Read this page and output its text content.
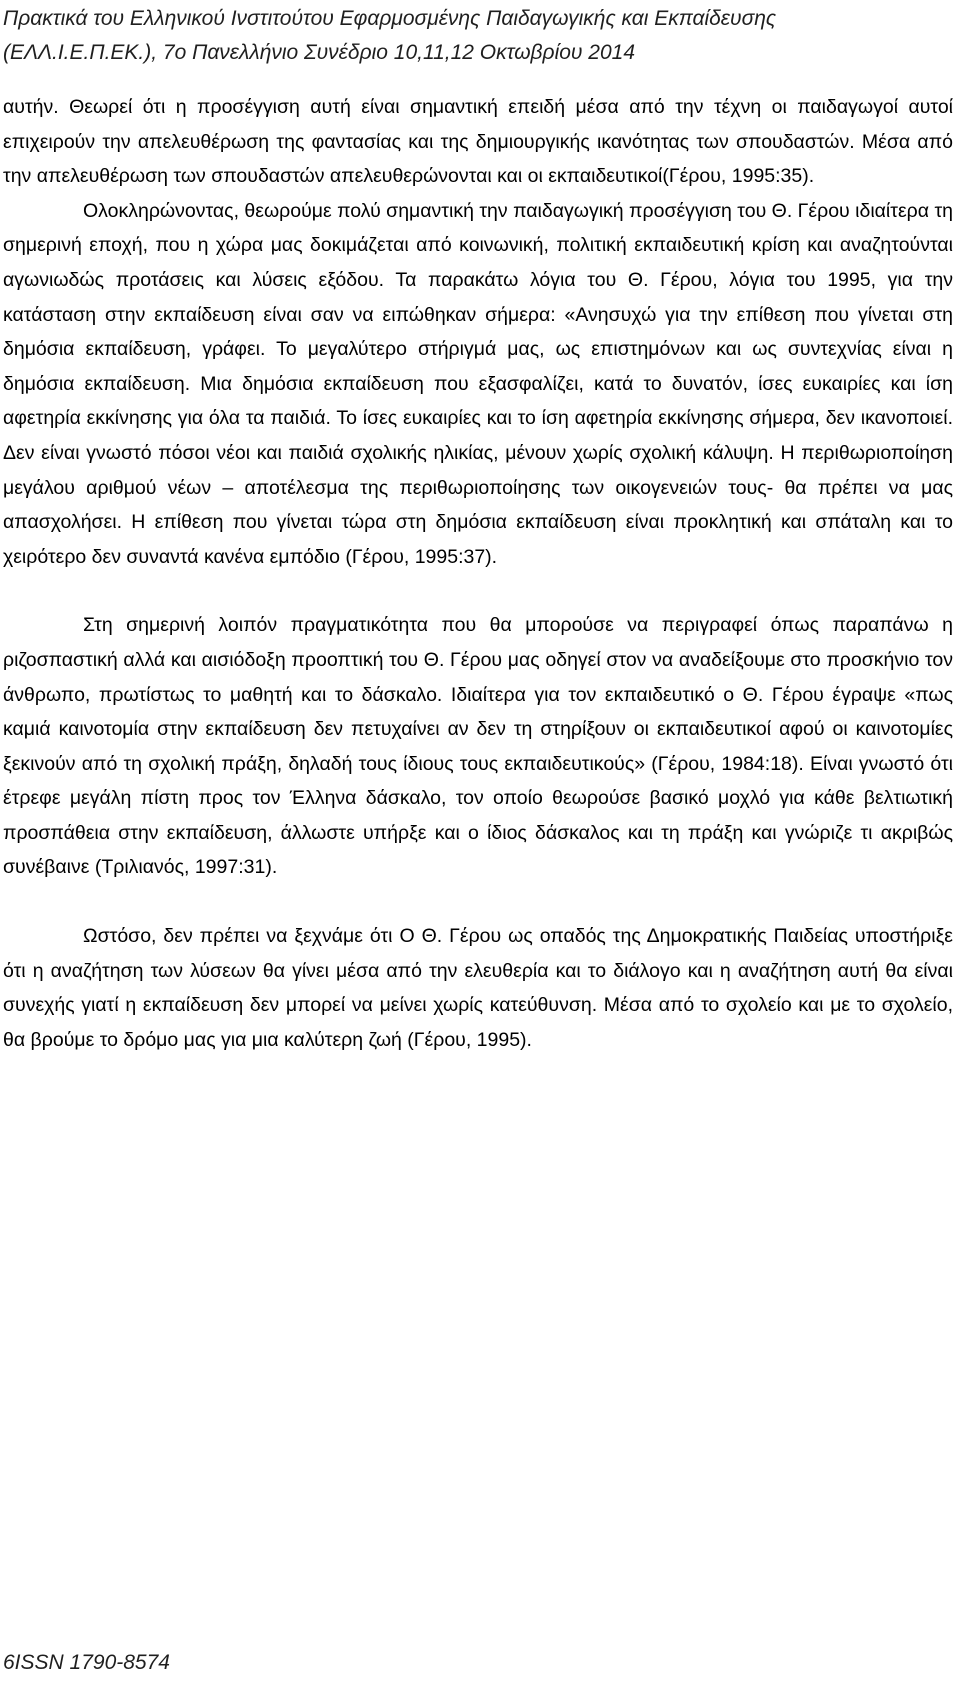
Πρακτικά του Ελληνικού Ινστιτούτου Εφαρμοσμένης Παιδαγωγικής και Εκπαίδευσης
(ΕΛΛ.Ι.Ε.Π.ΕΚ.), 7ο Πανελλήνιο Συνέδριο 10,11,12 Οκτωβρίου 2014

αυτήν. Θεωρεί ότι η προσέγγιση αυτή είναι σημαντική επειδή μέσα από την τέχνη οι παιδαγωγοί αυτοί επιχειρούν την απελευθέρωση της φαντασίας και της δημιουργικής ικανότητας των σπουδαστών. Μέσα από την απελευθέρωση των σπουδαστών απελευθερώνονται και οι εκπαιδευτικοί(Γέρου, 1995:35).

Ολοκληρώνοντας, θεωρούμε πολύ σημαντική την παιδαγωγική προσέγγιση του Θ. Γέρου ιδιαίτερα τη σημερινή εποχή, που η χώρα μας δοκιμάζεται από κοινωνική, πολιτική εκπαιδευτική κρίση και αναζητούνται αγωνιωδώς προτάσεις και λύσεις εξόδου. Τα παρακάτω λόγια του Θ. Γέρου, λόγια του 1995, για την κατάσταση στην εκπαίδευση είναι σαν να ειπώθηκαν σήμερα: «Ανησυχώ για την επίθεση που γίνεται στη δημόσια εκπαίδευση, γράφει. Το μεγαλύτερο στήριγμά μας, ως επιστημόνων και ως συντεχνίας είναι η δημόσια εκπαίδευση. Μια δημόσια εκπαίδευση που εξασφαλίζει, κατά το δυνατόν, ίσες ευκαιρίες και ίση αφετηρία εκκίνησης για όλα τα παιδιά. Το ίσες ευκαιρίες και το ίση αφετηρία εκκίνησης σήμερα, δεν ικανοποιεί. Δεν είναι γνωστό πόσοι νέοι και παιδιά σχολικής ηλικίας, μένουν χωρίς σχολική κάλυψη. Η περιθωριοποίηση μεγάλου αριθμού νέων – αποτέλεσμα της περιθωριοποίησης των οικογενειών τους- θα πρέπει να μας απασχολήσει. Η επίθεση που γίνεται τώρα στη δημόσια εκπαίδευση είναι προκλητική και σπάταλη και το χειρότερο δεν συναντά κανένα εμπόδιο (Γέρου, 1995:37).

Στη σημερινή λοιπόν πραγματικότητα που θα μπορούσε να περιγραφεί όπως παραπάνω η ριζοσπαστική αλλά και αισιόδοξη προοπτική του Θ. Γέρου μας οδηγεί στον να αναδείξουμε στο προσκήνιο τον άνθρωπο, πρωτίστως το μαθητή και το δάσκαλο. Ιδιαίτερα για τον εκπαιδευτικό ο Θ. Γέρου έγραψε «πως καμιά καινοτομία στην εκπαίδευση δεν πετυχαίνει αν δεν τη στηρίξουν οι εκπαιδευτικοί αφού οι καινοτομίες ξεκινούν από τη σχολική πράξη, δηλαδή τους ίδιους τους εκπαιδευτικούς» (Γέρου, 1984:18). Είναι γνωστό ότι έτρεφε μεγάλη πίστη προς τον Έλληνα δάσκαλο, τον οποίο θεωρούσε βασικό μοχλό για κάθε βελτιωτική προσπάθεια στην εκπαίδευση, άλλωστε υπήρξε και ο ίδιος δάσκαλος και τη πράξη και γνώριζε τι ακριβώς συνέβαινε (Τριλιανός, 1997:31).

Ωστόσο, δεν πρέπει να ξεχνάμε ότι Ο Θ. Γέρου ως οπαδός της Δημοκρατικής Παιδείας υποστήριξε ότι η αναζήτηση των λύσεων θα γίνει μέσα από την ελευθερία και το διάλογο και η αναζήτηση αυτή θα είναι συνεχής γιατί η εκπαίδευση δεν μπορεί να μείνει χωρίς κατεύθυνση. Μέσα από το σχολείο και με το σχολείο, θα βρούμε το δρόμο μας για μια καλύτερη ζωή (Γέρου, 1995).

6ISSN 1790-8574
